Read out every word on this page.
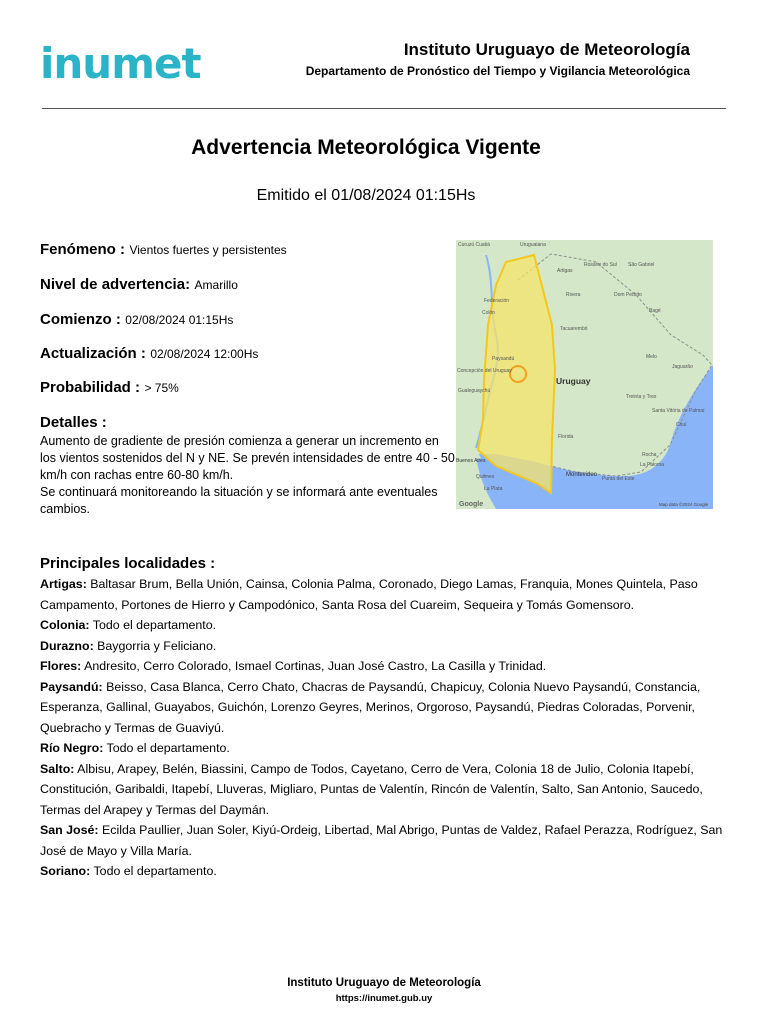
inumet	Instituto Uruguayo de Meteorología
Departamento de Pronóstico del Tiempo y Vigilancia Meteorológica
Advertencia Meteorológica Vigente
Emitido el 01/08/2024 01:15Hs
Fenómeno : Vientos fuertes y persistentes
Nivel de advertencia: Amarillo
Comienzo : 02/08/2024 01:15Hs
Actualización : 02/08/2024 12:00Hs
Probabilidad : > 75%
Detalles :

Aumento de gradiente de presión comienza a generar un incremento en los vientos sostenidos del N y NE. Se prevén intensidades de entre 40 - 50 km/h con rachas entre 60-80 km/h.

Se continuará monitoreando la situación y se informará ante eventuales cambios.

Curuzú Cuatiá	Uruguaiana
Artigas
Rosário do Sul São Gabriel
Federación
Rivera	Dom Pedrito
Colón	Bagé
Tacuarembó
Paysandú	Melo
Jaguarão
Concepción del Uruguay
Uruguay
Gualeguaychú
Treinta y Tres
Santa Vitória do Palmar
Chuí
Florida
Rocha
La Paloma
Buenos Aires
Montevideo
Punta del Este
Quilmes
La Plata
Google	Map data ©2024 Google
Principales localidades :

Artigas: Baltasar Brum, Bella Unión, Cainsa, Colonia Palma, Coronado, Diego Lamas, Franquia, Mones Quintela, Paso Campamento, Portones de Hierro y Campodónico, Santa Rosa del Cuareim, Sequeira y Tomás Gomensoro.

Colonia: Todo el departamento.

Durazno: Baygorria y Feliciano.

Flores: Andresito, Cerro Colorado, Ismael Cortinas, Juan José Castro, La Casilla y Trinidad.

Paysandú: Beisso, Casa Blanca, Cerro Chato, Chacras de Paysandú, Chapicuy, Colonia Nuevo Paysandú, Constancia, Esperanza, Gallinal, Guayabos, Guichón, Lorenzo Geyres, Merinos, Orgoroso, Paysandú, Piedras Coloradas, Porvenir, Quebracho y Termas de Guaviyú.

Río Negro: Todo el departamento.

Salto: Albisu, Arapey, Belén, Biassini, Campo de Todos, Cayetano, Cerro de Vera, Colonia 18 de Julio, Colonia Itapebí, Constitución, Garibaldi, Itapebí, Lluveras, Migliaro, Puntas de Valentín, Rincón de Valentín, Salto, San Antonio, Saucedo, Termas del Arapey y Termas del Daymán.

San José: Ecilda Paullier, Juan Soler, Kiyú-Ordeig, Libertad, Mal Abrigo, Puntas de Valdez, Rafael Perazza, Rodríguez, San José de Mayo y Villa María.

Soriano: Todo el departamento.

Instituto Uruguayo de Meteorología
https://inumet.gub.uy
